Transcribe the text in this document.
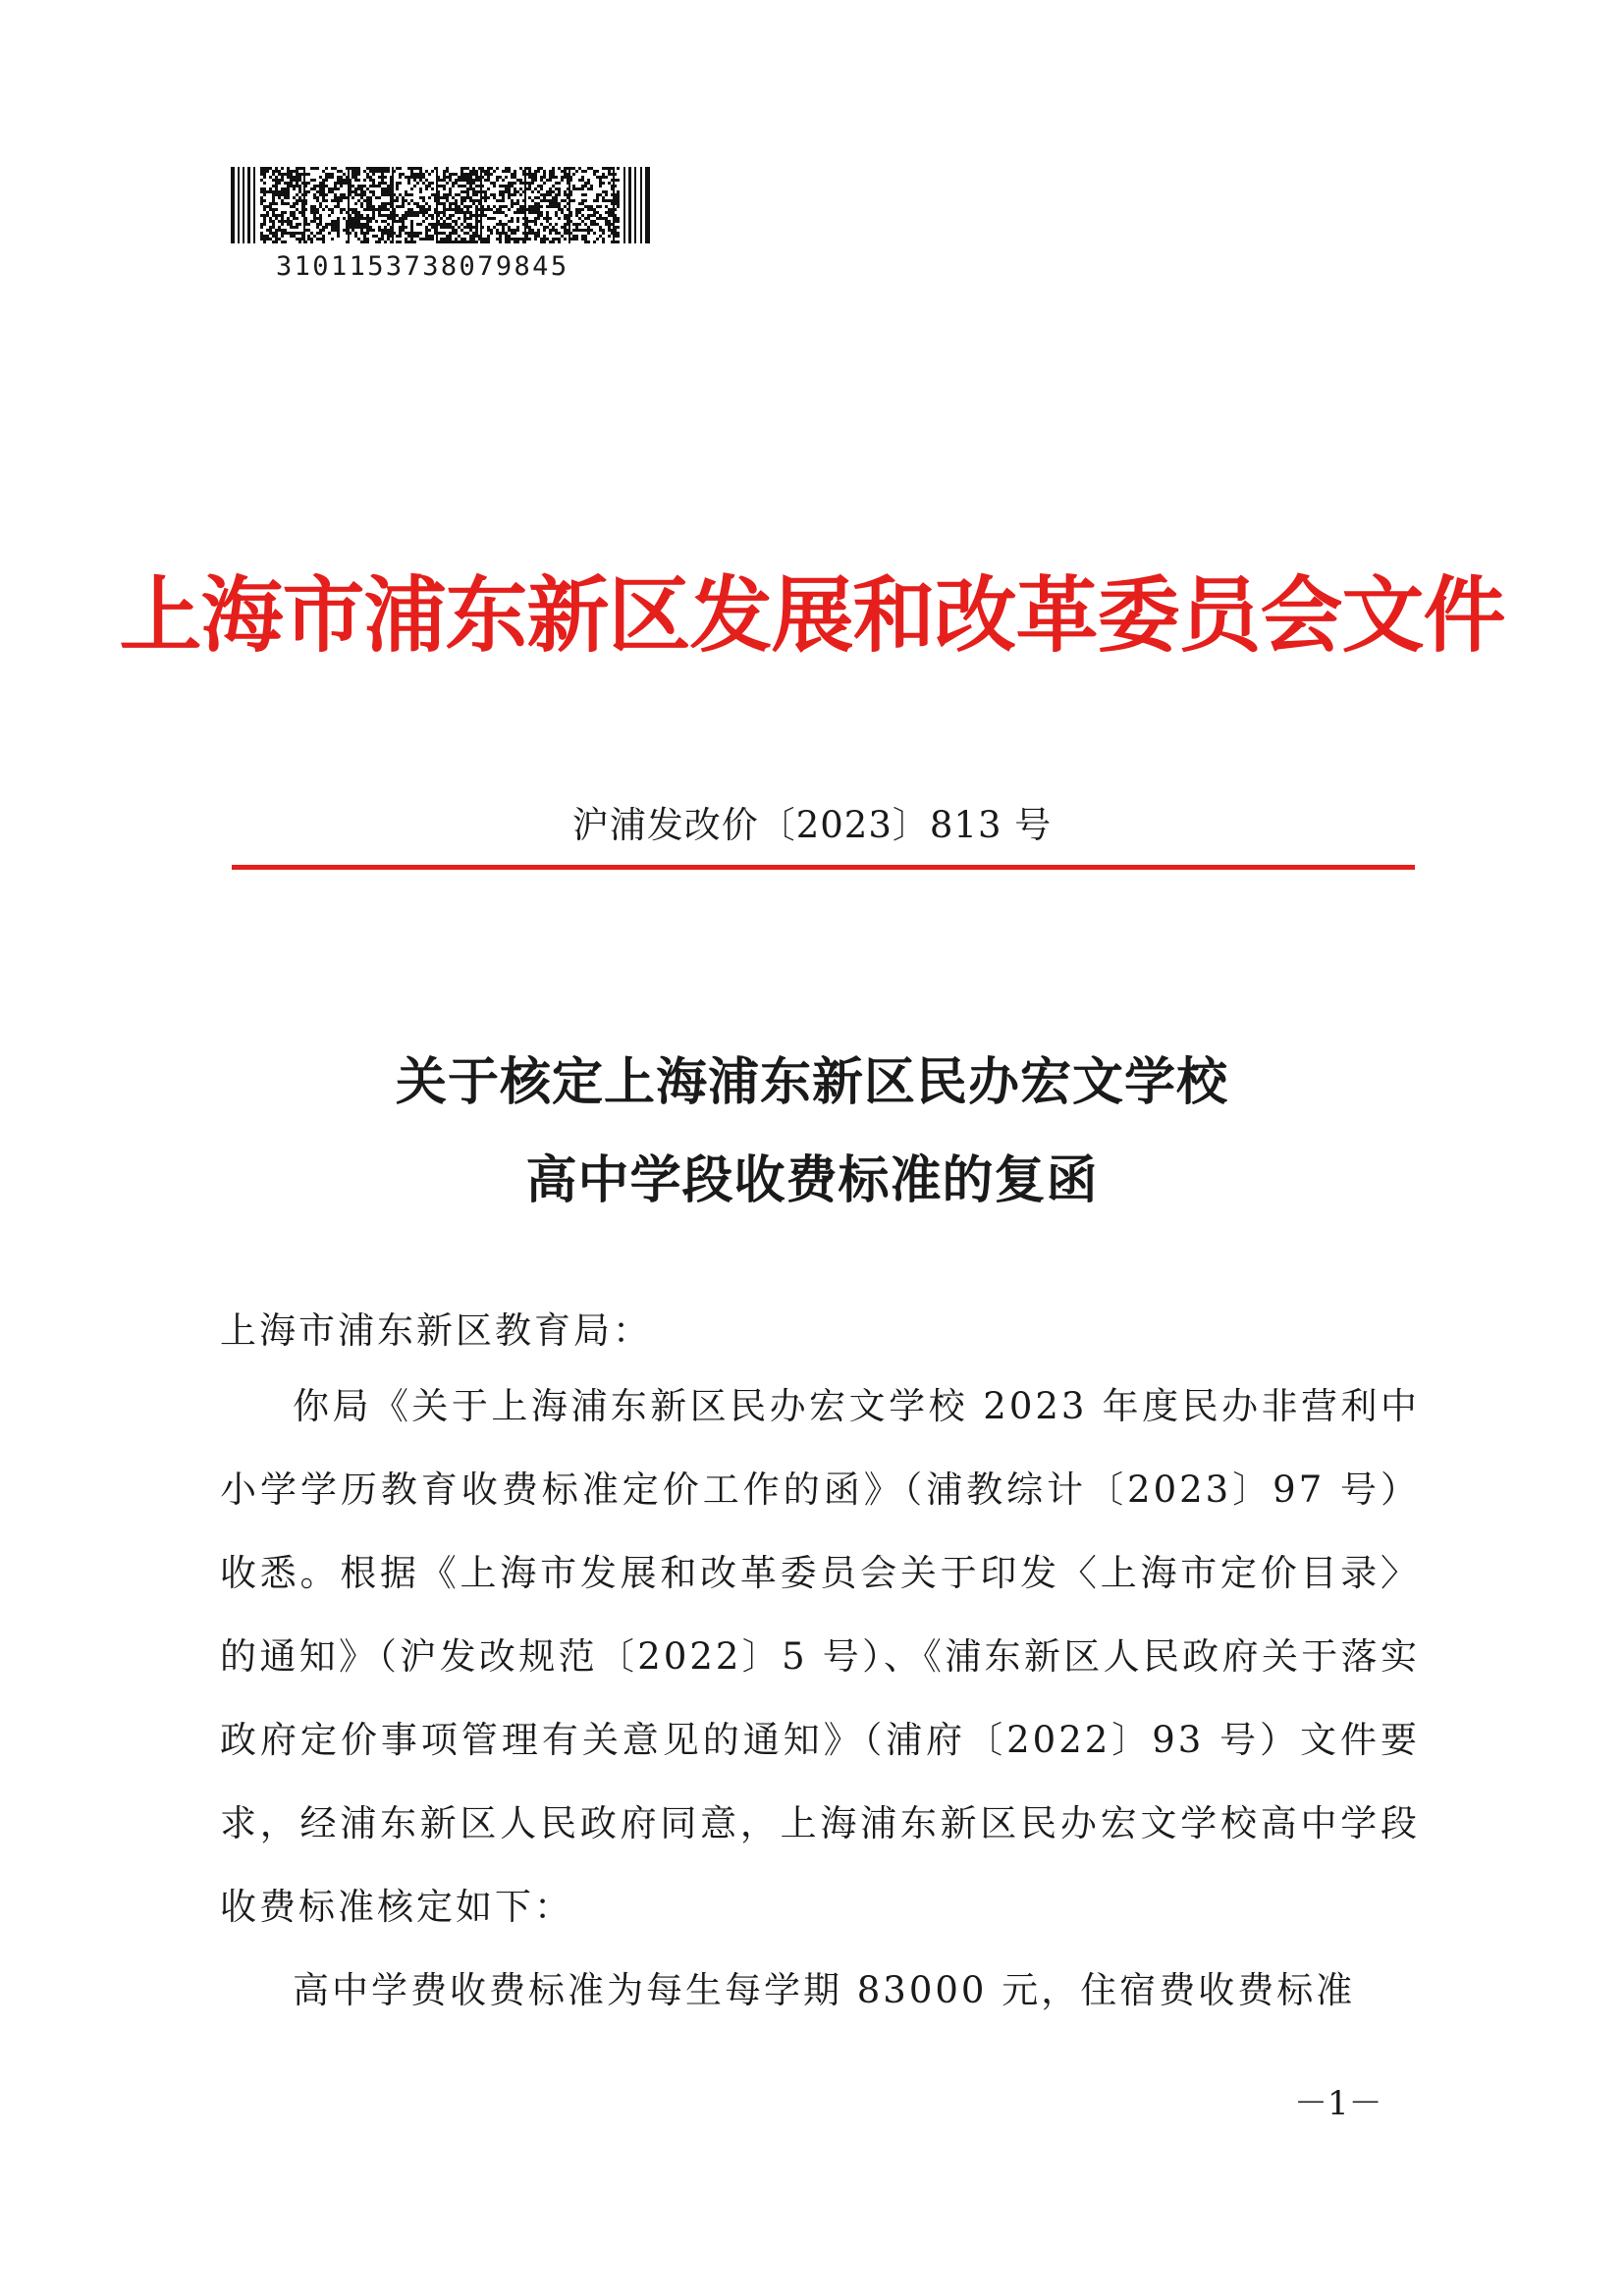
3101153738079845
上海市浦东新区发展和改革委员会文件
沪浦发改价〔2023〕813 号
关于核定上海浦东新区民办宏文学校
高中学段收费标准的复函
上海市浦东新区教育局：

你局《关于上海浦东新区民办宏文学校 2023 年度民办非营利中小学学历教育收费标准定价工作的函》（浦教综计〔2023〕97 号）收悉。根据《上海市发展和改革委员会关于印发〈上海市定价目录〉的通知》（沪发改规范〔2022〕5 号）、《浦东新区人民政府关于落实政府定价事项管理有关意见的通知》（浦府〔2022〕93 号）文件要求，经浦东新区人民政府同意，上海浦东新区民办宏文学校高中学段收费标准核定如下：

高中学费收费标准为每生每学期 83000 元，住宿费收费标准

－1－
